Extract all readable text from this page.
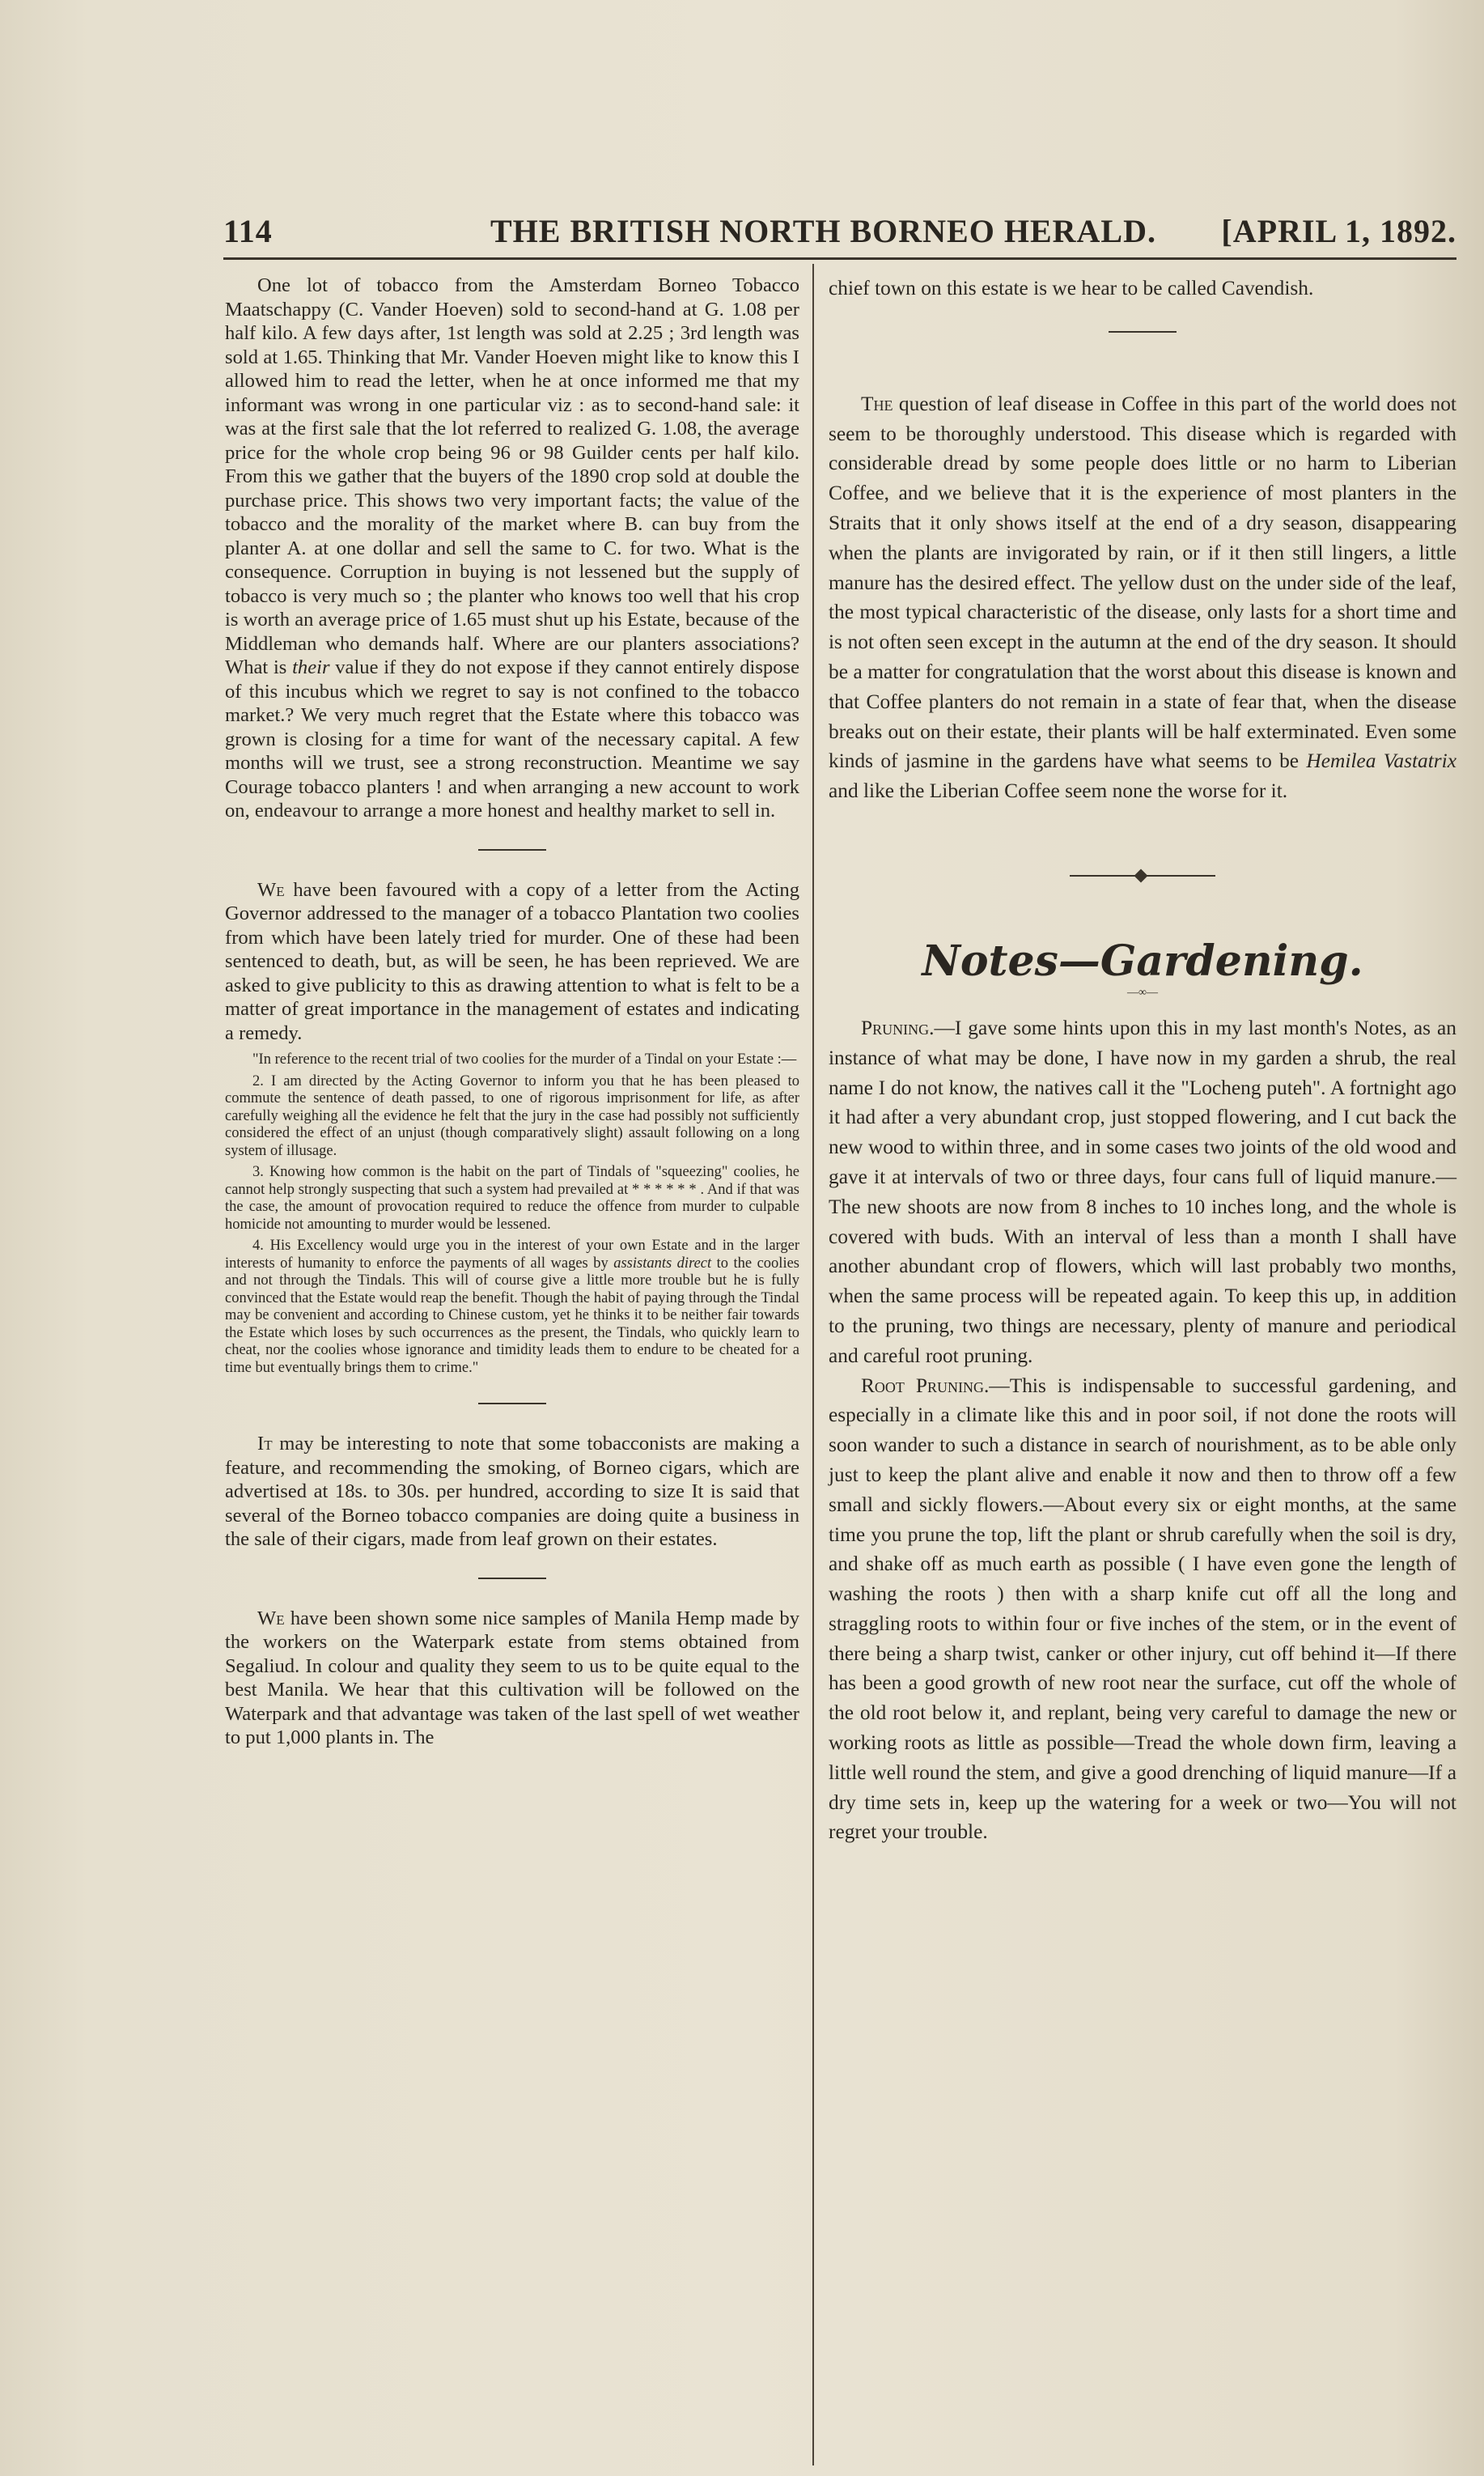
114	THE BRITISH NORTH BORNEO HERALD. [APRIL 1, 1892.

One lot of tobacco from the Amsterdam Borneo Tobacco Maatschappy (C. Vander Hoeven) sold to second-hand at G. 1.08 per half kilo. A few days after, 1st length was sold at 2.25 ; 3rd length was sold at 1.65. Thinking that Mr. Vander Hoeven might like to know this I allowed him to read the letter, when he at once informed me that my informant was wrong in one particular viz : as to second-hand sale: it was at the first sale that the lot referred to realized G. 1.08, the average price for the whole crop being 96 or 98 Guilder cents per half kilo. From this we gather that the buyers of the 1890 crop sold at double the purchase price. This shows two very important facts; the value of the tobacco and the morality of the market where B. can buy from the planter A. at one dollar and sell the same to C. for two. What is the consequence. Corruption in buying is not lessened but the supply of tobacco is very much so ; the planter who knows too well that his crop is worth an average price of 1.65 must shut up his Estate, because of the Middleman who demands half. Where are our planters associations? What is their value if they do not expose if they cannot entirely dispose of this incubus which we regret to say is not confined to the tobacco market.? We very much regret that the Estate where this tobacco was grown is closing for a time for want of the necessary capital. A few months will we trust, see a strong reconstruction. Meantime we say Courage tobacco planters ! and when arranging a new account to work on, endeavour to arrange a more honest and healthy market to sell in.

We have been favoured with a copy of a letter from the Acting Governor addressed to the manager of a tobacco Plantation two coolies from which have been lately tried for murder. One of these had been sentenced to death, but, as will be seen, he has been reprieved. We are asked to give publicity to this as drawing attention to what is felt to be a matter of great importance in the management of estates and indicating a remedy.

"In reference to the recent trial of two coolies for the murder of a Tindal on your Estate :—

2. I am directed by the Acting Governor to inform you that he has been pleased to commute the sentence of death passed, to one of rigorous imprisonment for life, as after carefully weighing all the evidence he felt that the jury in the case had possibly not sufficiently considered the effect of an unjust (though comparatively slight) assault following on a long system of illusage.

3. Knowing how common is the habit on the part of Tindals of "squeezing" coolies, he cannot help strongly suspecting that such a system had prevailed at * * * * * * . And if that was the case, the amount of provocation required to reduce the offence from murder to culpable homicide not amounting to murder would be lessened.

4. His Excellency would urge you in the interest of your own Estate and in the larger interests of humanity to enforce the payments of all wages by assistants direct to the coolies and not through the Tindals. This will of course give a little more trouble but he is fully convinced that the Estate would reap the benefit. Though the habit of paying through the Tindal may be convenient and according to Chinese custom, yet he thinks it to be neither fair towards the Estate which loses by such occurrences as the present, the Tindals, who quickly learn to cheat, nor the coolies whose ignorance and timidity leads them to endure to be cheated for a time but eventually brings them to crime."

It may be interesting to note that some tobacconists are making a feature, and recommending the smoking, of Borneo cigars, which are advertised at 18s. to 30s. per hundred, according to size It is said that several of the Borneo tobacco companies are doing quite a business in the sale of their cigars, made from leaf grown on their estates.

We have been shown some nice samples of Manila Hemp made by the workers on the Waterpark estate from stems obtained from Segaliud. In colour and quality they seem to us to be quite equal to the best Manila. We hear that this cultivation will be followed on the Waterpark and that advantage was taken of the last spell of wet weather to put 1,000 plants in. The

chief town on this estate is we hear to be called Cavendish.

The question of leaf disease in Coffee in this part of the world does not seem to be thoroughly understood. This disease which is regarded with considerable dread by some people does little or no harm to Liberian Coffee, and we believe that it is the experience of most planters in the Straits that it only shows itself at the end of a dry season, disappearing when the plants are invigorated by rain, or if it then still lingers, a little manure has the desired effect. The yellow dust on the under side of the leaf, the most typical characteristic of the disease, only lasts for a short time and is not often seen except in the autumn at the end of the dry season. It should be a matter for congratulation that the worst about this disease is known and that Coffee planters do not remain in a state of fear that, when the disease breaks out on their estate, their plants will be half exterminated. Even some kinds of jasmine in the gardens have what seems to be Hemilea Vastatrix and like the Liberian Coffee seem none the worse for it.

Notes—Gardening.

—∞—

Pruning.—I gave some hints upon this in my last month's Notes, as an instance of what may be done, I have now in my garden a shrub, the real name I do not know, the natives call it the "Locheng puteh". A fortnight ago it had after a very abundant crop, just stopped flowering, and I cut back the new wood to within three, and in some cases two joints of the old wood and gave it at intervals of two or three days, four cans full of liquid manure.—The new shoots are now from 8 inches to 10 inches long, and the whole is covered with buds. With an interval of less than a month I shall have another abundant crop of flowers, which will last probably two months, when the same process will be repeated again. To keep this up, in addition to the pruning, two things are necessary, plenty of manure and periodical and careful root pruning.

Root Pruning.—This is indispensable to successful gardening, and especially in a climate like this and in poor soil, if not done the roots will soon wander to such a distance in search of nourishment, as to be able only just to keep the plant alive and enable it now and then to throw off a few small and sickly flowers.—About every six or eight months, at the same time you prune the top, lift the plant or shrub carefully when the soil is dry, and shake off as much earth as possible ( I have even gone the length of washing the roots ) then with a sharp knife cut off all the long and straggling roots to within four or five inches of the stem, or in the event of there being a sharp twist, canker or other injury, cut off behind it—If there has been a good growth of new root near the surface, cut off the whole of the old root below it, and replant, being very careful to damage the new or working roots as little as possible—Tread the whole down firm, leaving a little well round the stem, and give a good drenching of liquid manure—If a dry time sets in, keep up the watering for a week or two—You will not regret your trouble.
